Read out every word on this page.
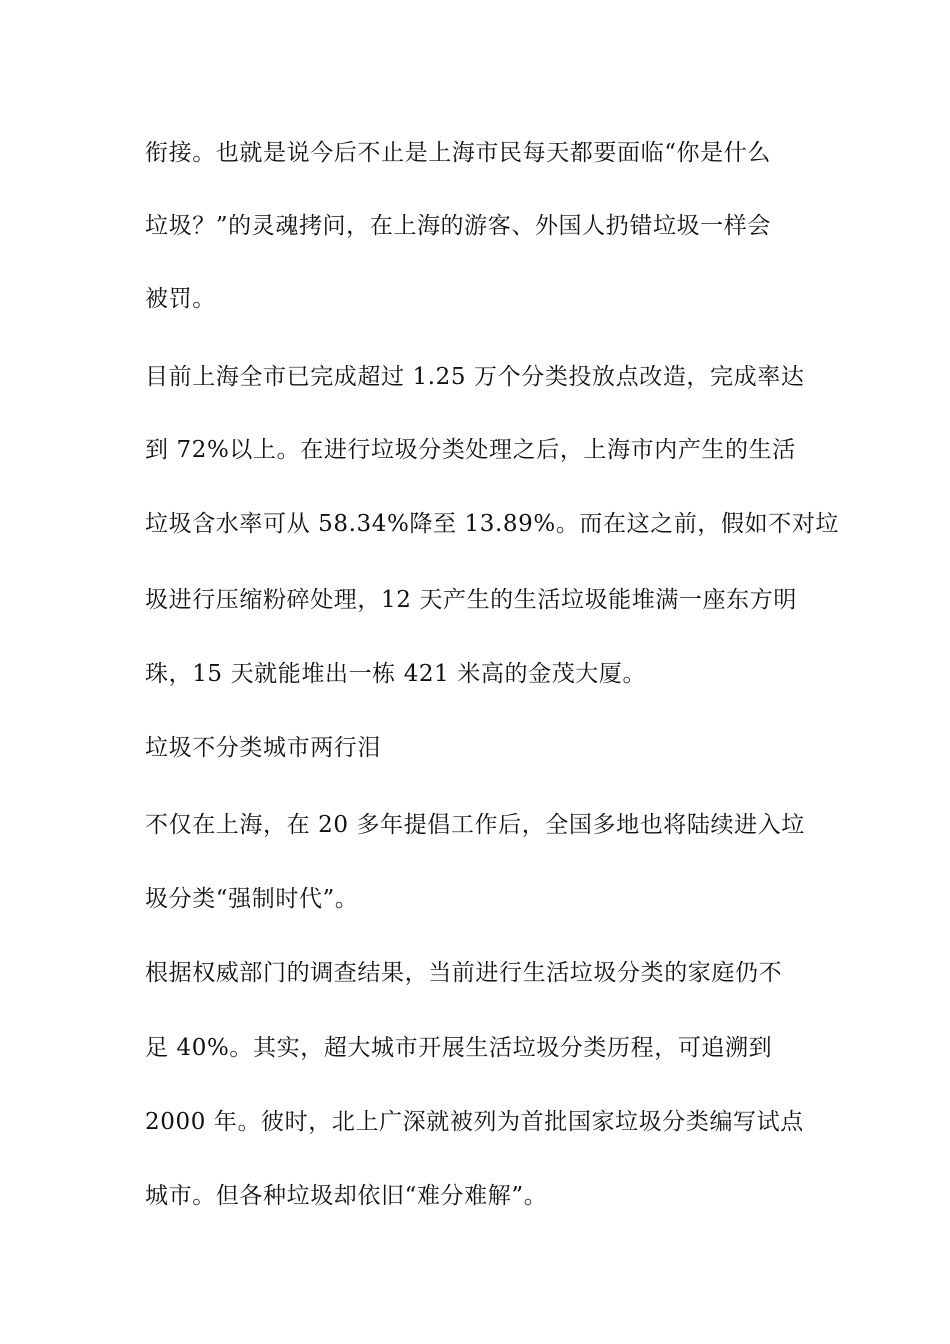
衔接。也就是说今后不止是上海市民每天都要面临“你是什么
垃圾？”的灵魂拷问，在上海的游客、外国人扔错垃圾一样会
被罚。
目前上海全市已完成超过 1.25 万个分类投放点改造，完成率达
到 72%以上。在进行垃圾分类处理之后，上海市内产生的生活
垃圾含水率可从 58.34%降至 13.89%。而在这之前，假如不对垃
圾进行压缩粉碎处理，12 天产生的生活垃圾能堆满一座东方明
珠，15 天就能堆出一栋 421 米高的金茂大厦。
垃圾不分类城市两行泪
不仅在上海，在 20 多年提倡工作后，全国多地也将陆续进入垃
圾分类“强制时代”。
根据权威部门的调查结果，当前进行生活垃圾分类的家庭仍不
足 40%。其实，超大城市开展生活垃圾分类历程，可追溯到
2000 年。彼时，北上广深就被列为首批国家垃圾分类编写试点
城市。但各种垃圾却依旧“难分难解”。
